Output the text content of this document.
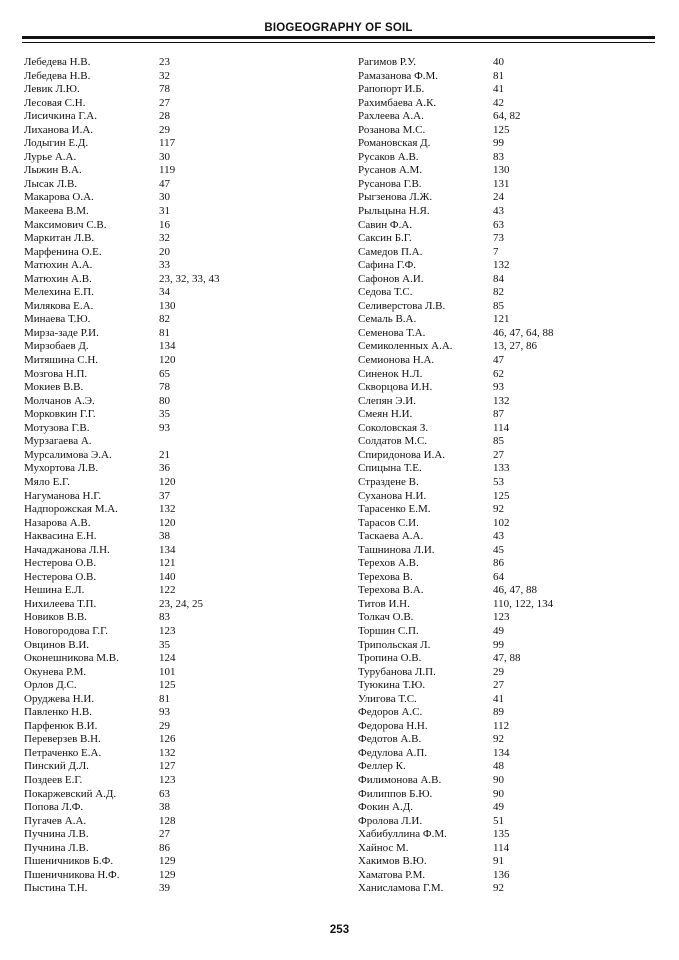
BIOGEOGRAPHY OF SOIL
Лебедева Н.В.	23
Лебедева Н.В.	32
Левик Л.Ю.	78
Лесовая С.Н.	27
Лисичкина Г.А.	28
Лиханова И.А.	29
Лодыгин Е.Д.	117
Лурье А.А.	30
Лыжин В.А.	119
Лысак Л.В.	47
Макарова О.А.	30
Макеева В.М.	31
Максимович С.В.	16
Маркитан Л.В.	32
Марфенина О.Е.	20
Матюхин А.А.	33
Матюхин А.В.	23, 32, 33, 43
Мелехина Е.П.	34
Милякова Е.А.	130
Минаева Т.Ю.	82
Мирза-заде Р.И.	81
Мирзобаев Д.	134
Митяшина С.Н.	120
Мозгова Н.П.	65
Мокиев В.В.	78
Молчанов А.Э.	80
Морковкин Г.Г.	35
Мотузова Г.В.	93
Мурзагаева А.
Мурсалимова Э.А.	21
Мухортова Л.В.	36
Мяло Е.Г.	120
Нагуманова Н.Г.	37
Надпорожская М.А.	132
Назарова А.В.	120
Наквасина Е.Н.	38
Начаджанова Л.Н.	134
Нестерова О.В.	121
Нестерова О.В.	140
Нешина Е.Л.	122
Нихилеева Т.П.	23, 24, 25
Новиков В.В.	83
Новогородова Г.Г.	123
Овцинов В.И.	35
Оконешникова М.В.	124
Окунева Р.М.	101
Орлов Д.С.	125
Оруджева Н.И.	81
Павленко Н.В.	93
Парфенюк В.И.	29
Переверзев В.Н.	126
Петраченко Е.А.	132
Пинский Д.Л.	127
Поздеев Е.Г.	123
Покаржевский А.Д.	63
Попова Л.Ф.	38
Пугачев А.А.	128
Пучнина Л.В.	27
Пучнина Л.В.	86
Пшеничников Б.Ф.	129
Пшеничникова Н.Ф.	129
Пыстина Т.Н.	39
Рагимов Р.У.	40
Рамазанова Ф.М.	81
Рапопорт И.Б.	41
Рахимбаева А.К.	42
Рахлеева А.А.	64, 82
Розанова М.С.	125
Романовская Д.	99
Русаков А.В.	83
Русанов А.М.	130
Русанова Г.В.	131
Рыгзенова Л.Ж.	24
Рыльцына Н.Я.	43
Савин Ф.А.	63
Саксин Б.Г.	73
Самедов П.А.	7
Сафина Г.Ф.	132
Сафонов А.И.	84
Седова Т.С.	82
Селиверстова Л.В.	85
Семаль В.А.	121
Семенова Т.А.	46, 47, 64, 88
Семиколенных А.А.	13, 27, 86
Семионова Н.А.	47
Синенок Н.Л.	62
Скворцова И.Н.	93
Слепян Э.И.	132
Смеян Н.И.	87
Соколовская З.	114
Солдатов М.С.	85
Спиридонова И.А.	27
Спицына Т.Е.	133
Страздене В.	53
Суханова Н.И.	125
Тарасенко Е.М.	92
Тарасов С.И.	102
Таскаева А.А.	43
Ташнинова Л.И.	45
Терехов А.В.	86
Терехова В.	64
Терехова В.А.	46, 47, 88
Титов И.Н.	110, 122, 134
Толкач О.В.	123
Торшин С.П.	49
Трипольская Л.	99
Тропина О.В.	47, 88
Турубанова Л.П.	29
Туюкина Т.Ю.	27
Улигова Т.С.	41
Федоров А.С.	89
Федорова Н.Н.	112
Федотов А.В.	92
Федулова А.П.	134
Феллер К.	48
Филимонова А.В.	90
Филиппов Б.Ю.	90
Фокин А.Д.	49
Фролова Л.И.	51
Хабибуллина Ф.М.	135
Хайнос М.	114
Хакимов В.Ю.	91
Хаматова Р.М.	136
Ханисламова Г.М.	92
253
